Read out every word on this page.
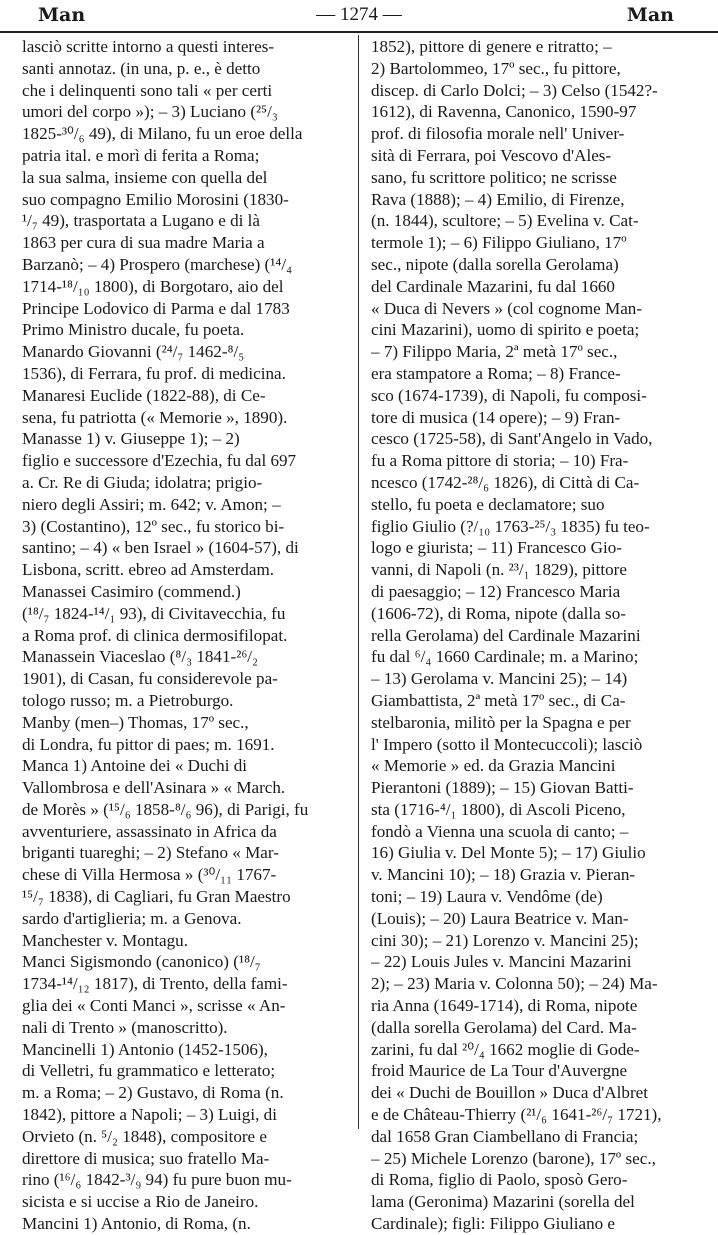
Man	— 1274 —	Man
lasciò scritte intorno a questi interes-
santi annotaz. (in una, p. e., è detto
che i delinquenti sono tali « per certi
umori del corpo »); – 3) Luciano (²⁵/₃
1825-³⁰/₆ 49), di Milano, fu un eroe della
patria ital. e morì di ferita a Roma;
la sua salma, insieme con quella del
suo compagno Emilio Morosini (1830-
¹/₇ 49), trasportata a Lugano e di là
1863 per cura di sua madre Maria a
Barzanò; – 4) Prospero (marchese) (¹⁴/₄
1714-¹⁸/₁₀ 1800), di Borgotaro, aio del
Principe Lodovico di Parma e dal 1783
Primo Ministro ducale, fu poeta.
Manardo Giovanni (²⁴/₇ 1462-⁸/₅
1536), di Ferrara, fu prof. di medicina.
Manaresi Euclide (1822-88), di Ce-
sena, fu patriotta (« Memorie », 1890).
Manasse 1) v. Giuseppe 1); – 2)
figlio e successore d'Ezechia, fu dal 697
a. Cr. Re di Giuda; idolatra; prigio-
niero degli Assiri; m. 642; v. Amon; –
3) (Costantino), 12º sec., fu storico bi-
santino; – 4) « ben Israel » (1604-57), di
Lisbona, scritt. ebreo ad Amsterdam.
Manassei Casimiro (commend.)
(¹⁸/₇ 1824-¹⁴/₁ 93), di Civitavecchia, fu
a Roma prof. di clinica dermosifilopat.
Manassein Viaceslao (⁸/₃ 1841-²⁶/₂
1901), di Casan, fu considerevole pa-
tologo russo; m. a Pietroburgo.
Manby (men–) Thomas, 17º sec.,
di Londra, fu pittor di paes; m. 1691.
Manca 1) Antoine dei « Duchi di
Vallombrosa e dell'Asinara » « March.
de Morès » (¹⁵/₆ 1858-⁸/₆ 96), di Parigi, fu
avventuriere, assassinato in Africa da
briganti tuareghi; – 2) Stefano « Mar-
chese di Villa Hermosa » (³⁰/₁₁ 1767-
¹⁵/₇ 1838), di Cagliari, fu Gran Maestro
sardo d'artiglieria; m. a Genova.
Manchester v. Montagu.
Manci Sigismondo (canonico) (¹⁸/₇
1734-¹⁴/₁₂ 1817), di Trento, della fami-
glia dei « Conti Manci », scrisse « An-
nali di Trento » (manoscritto).
Mancinelli 1) Antonio (1452-1506),
di Velletri, fu grammatico e letterato;
m. a Roma; – 2) Gustavo, di Roma (n.
1842), pittore a Napoli; – 3) Luigi, di
Orvieto (n. ⁵/₂ 1848), compositore e
direttore di musica; suo fratello Ma-
rino (¹⁶/₆ 1842-³/₉ 94) fu pure buon mu-
sicista e si uccise a Rio de Janeiro.
Mancini 1) Antonio, di Roma, (n.
1852), pittore di genere e ritratto; –
2) Bartolommeo, 17º sec., fu pittore,
discep. di Carlo Dolci; – 3) Celso (1542?-
1612), di Ravenna, Canonico, 1590-97
prof. di filosofia morale nell' Univer-
sità di Ferrara, poi Vescovo d'Ales-
sano, fu scrittore politico; ne scrisse
Rava (1888); – 4) Emilio, di Firenze,
(n. 1844), scultore; – 5) Evelina v. Cat-
termole 1); – 6) Filippo Giuliano, 17º
sec., nipote (dalla sorella Gerolama)
del Cardinale Mazarini, fu dal 1660
« Duca di Nevers » (col cognome Man-
cini Mazarini), uomo di spirito e poeta;
– 7) Filippo Maria, 2ª metà 17º sec.,
era stampatore a Roma; – 8) France-
sco (1674-1739), di Napoli, fu composi-
tore di musica (14 opere); – 9) Fran-
cesco (1725-58), di Sant'Angelo in Vado,
fu a Roma pittore di storia; – 10) Fra-
ncesco (1742-²⁸/₆ 1826), di Città di Ca-
stello, fu poeta e declamatore; suo
figlio Giulio (?/₁₀ 1763-²⁵/₃ 1835) fu teo-
logo e giurista; – 11) Francesco Gio-
vanni, di Napoli (n. ²³/₁ 1829), pittore
di paesaggio; – 12) Francesco Maria
(1606-72), di Roma, nipote (dalla so-
rella Gerolama) del Cardinale Mazarini
fu dal ⁶/₄ 1660 Cardinale; m. a Marino;
– 13) Gerolama v. Mancini 25); – 14)
Giambattista, 2ª metà 17º sec., di Ca-
stelbaronia, militò per la Spagna e per
l' Impero (sotto il Montecuccoli); lasciò
« Memorie » ed. da Grazia Mancini
Pierantoni (1889); – 15) Giovan Batti-
sta (1716-⁴/₁ 1800), di Ascoli Piceno,
fondò a Vienna una scuola di canto; –
16) Giulia v. Del Monte 5); – 17) Giulio
v. Mancini 10); – 18) Grazia v. Pieran-
toni; – 19) Laura v. Vendôme (de)
(Louis); – 20) Laura Beatrice v. Man-
cini 30); – 21) Lorenzo v. Mancini 25);
– 22) Louis Jules v. Mancini Mazarini
2); – 23) Maria v. Colonna 50); – 24) Ma-
ria Anna (1649-1714), di Roma, nipote
(dalla sorella Gerolama) del Card. Ma-
zarini, fu dal ²⁰/₄ 1662 moglie di Gode-
froid Maurice de La Tour d'Auvergne
dei « Duchi de Bouillon » Duca d'Albret
e de Château-Thierry (²¹/₆ 1641-²⁶/₇ 1721),
dal 1658 Gran Ciambellano di Francia;
– 25) Michele Lorenzo (barone), 17º sec.,
di Roma, figlio di Paolo, sposò Gero-
lama (Geronima) Mazarini (sorella del
Cardinale); figli: Filippo Giuliano e
